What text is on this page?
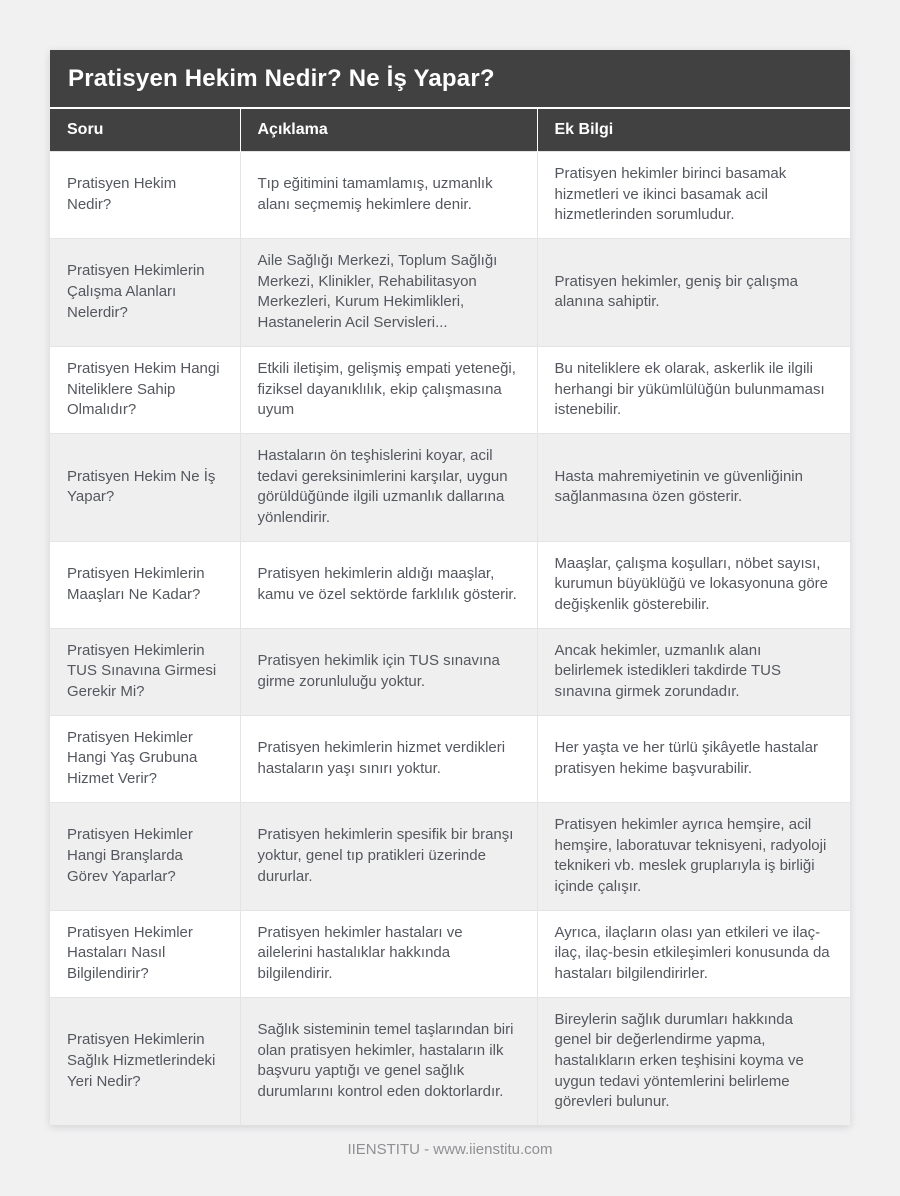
Pratisyen Hekim Nedir? Ne İş Yapar?
Soru	Açıklama	Ek Bilgi
Pratisyen Hekim Nedir?	Tıp eğitimini tamamlamış, uzmanlık alanı seçmemiş hekimlere denir.	Pratisyen hekimler birinci basamak hizmetleri ve ikinci basamak acil hizmetlerinden sorumludur.
Pratisyen Hekimlerin Çalışma Alanları Nelerdir?	Aile Sağlığı Merkezi, Toplum Sağlığı Merkezi, Klinikler, Rehabilitasyon Merkezleri, Kurum Hekimlikleri, Hastanelerin Acil Servisleri...	Pratisyen hekimler, geniş bir çalışma alanına sahiptir.
Pratisyen Hekim Hangi Niteliklere Sahip Olmalıdır?	Etkili iletişim, gelişmiş empati yeteneği, fiziksel dayanıklılık, ekip çalışmasına uyum	Bu niteliklere ek olarak, askerlik ile ilgili herhangi bir yükümlülüğün bulunmaması istenebilir.
Pratisyen Hekim Ne İş Yapar?	Hastaların ön teşhislerini koyar, acil tedavi gereksinimlerini karşılar, uygun görüldüğünde ilgili uzmanlık dallarına yönlendirir.	Hasta mahremiyetinin ve güvenliğinin sağlanmasına özen gösterir.
Pratisyen Hekimlerin Maaşları Ne Kadar?	Pratisyen hekimlerin aldığı maaşlar, kamu ve özel sektörde farklılık gösterir.	Maaşlar, çalışma koşulları, nöbet sayısı, kurumun büyüklüğü ve lokasyonuna göre değişkenlik gösterebilir.
Pratisyen Hekimlerin TUS Sınavına Girmesi Gerekir Mi?	Pratisyen hekimlik için TUS sınavına girme zorunluluğu yoktur.	Ancak hekimler, uzmanlık alanı belirlemek istedikleri takdirde TUS sınavına girmek zorundadır.
Pratisyen Hekimler Hangi Yaş Grubuna Hizmet Verir?	Pratisyen hekimlerin hizmet verdikleri hastaların yaşı sınırı yoktur.	Her yaşta ve her türlü şikâyetle hastalar pratisyen hekime başvurabilir.
Pratisyen Hekimler Hangi Branşlarda Görev Yaparlar?	Pratisyen hekimlerin spesifik bir branşı yoktur, genel tıp pratikleri üzerinde dururlar.	Pratisyen hekimler ayrıca hemşire, acil hemşire, laboratuvar teknisyeni, radyoloji teknikeri vb. meslek gruplarıyla iş birliği içinde çalışır.
Pratisyen Hekimler Hastaları Nasıl Bilgilendirir?	Pratisyen hekimler hastaları ve ailelerini hastalıklar hakkında bilgilendirir.	Ayrıca, ilaçların olası yan etkileri ve ilaç-ilaç, ilaç-besin etkileşimleri konusunda da hastaları bilgilendirirler.
Pratisyen Hekimlerin Sağlık Hizmetlerindeki Yeri Nedir?	Sağlık sisteminin temel taşlarından biri olan pratisyen hekimler, hastaların ilk başvuru yaptığı ve genel sağlık durumlarını kontrol eden doktorlardır.	Bireylerin sağlık durumları hakkında genel bir değerlendirme yapma, hastalıkların erken teşhisini koyma ve uygun tedavi yöntemlerini belirleme görevleri bulunur.
IIENSTITU - www.iienstitu.com
